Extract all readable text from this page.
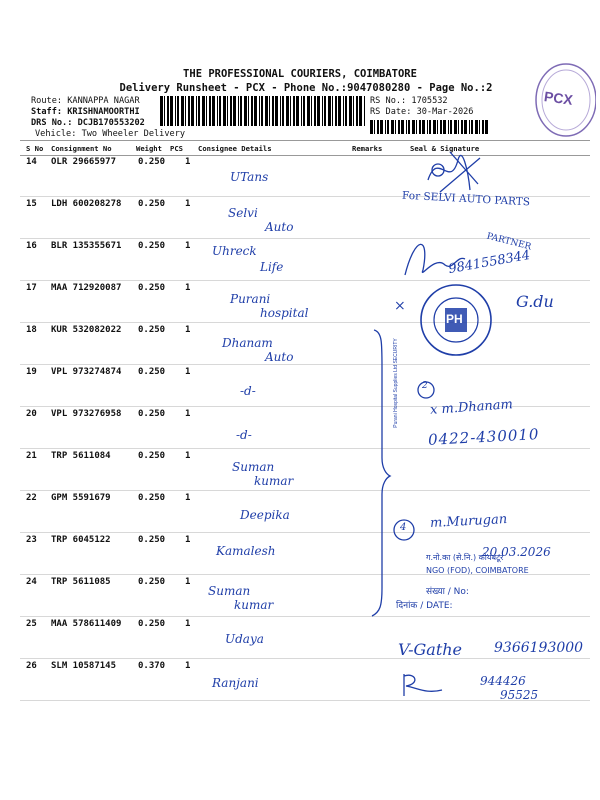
THE PROFESSIONAL COURIERS, COIMBATORE
Delivery Runsheet - PCX - Phone No.:9047080280 - Page No.:2
Route: KANNAPPA NAGAR
Staff: KRISHNAMOORTHI
DRS No.: DCJB170553202
Vehicle: Two Wheeler Delivery
RS No.: 1705532
RS Date: 30-Mar-2026
PCX
S No Consignment No	Weight PCS Consignee Details	Remarks	Seal & Signature
14 OLR 29665977 0.250 1
UTans
15 LDH 600208278 0.250 1
Selvi
Auto
16 BLR 135355671 0.250 1 Uhreck
Life
17 MAA 712920087 0.250 1
Purani
hospital
18 KUR 532082022 0.250 1
Dhanam
Auto
19 VPL 973274874 0.250 1
-d-
20 VPL 973276958 0.250 1
-d-
21 TRP 5611084	0.250 1
Suman
kumar
22 GPM 5591679	0.250 1
Deepika
23 TRP 6045122	0.250 1
Kamalesh
24 TRP 5611085	0.250 1
Suman
kumar
25 MAA 578611409 0.250 1
Udaya
26 SLM 10587145 0.370 1
Ranjani
For SELVI AUTO PARTS
PARTNER
9841558344
PH
Purani Hospital Supplies Ltd SECURITY
×	G.du
2
x m.Dhanam
0422-430010
4 m.Murugan
20.03.2026
ग.नो.का (से.नि.) कोयंबटूर
NGO (FOD), COIMBATORE
संख्या / No:
दिनांक / DATE:
V-Gathe 9366193000
944426
95525
